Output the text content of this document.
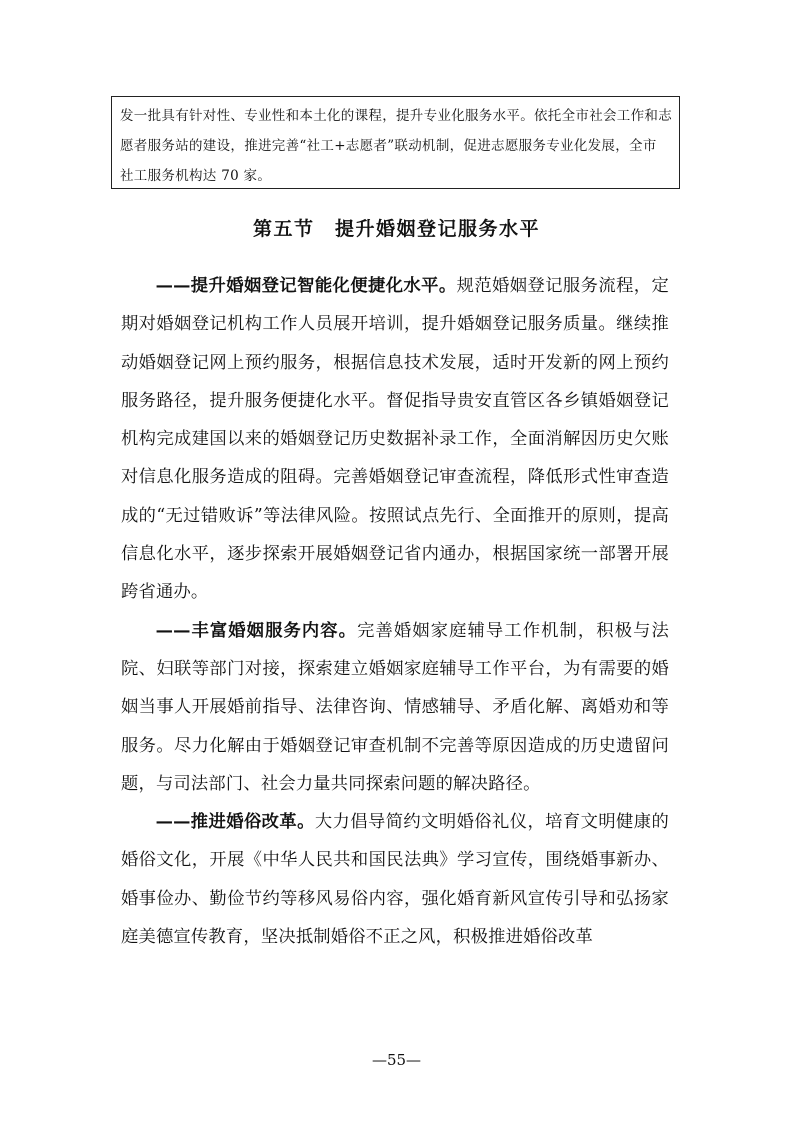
发一批具有针对性、专业性和本土化的课程，提升专业化服务水平。依托全市社会工作和志

愿者服务站的建设，推进完善“社工+志愿者”联动机制，促进志愿服务专业化发展，全市

社工服务机构达 70 家。

第五节　提升婚姻登记服务水平

——提升婚姻登记智能化便捷化水平。规范婚姻登记服务流程，定期对婚姻登记机构工作人员展开培训，提升婚姻登记服务质量。继续推动婚姻登记网上预约服务，根据信息技术发展，适时开发新的网上预约服务路径，提升服务便捷化水平。督促指导贵安直管区各乡镇婚姻登记机构完成建国以来的婚姻登记历史数据补录工作，全面消解因历史欠账对信息化服务造成的阻碍。完善婚姻登记审查流程，降低形式性审查造成的“无过错败诉”等法律风险。按照试点先行、全面推开的原则，提高信息化水平，逐步探索开展婚姻登记省内通办，根据国家统一部署开展跨省通办。

——丰富婚姻服务内容。完善婚姻家庭辅导工作机制，积极与法院、妇联等部门对接，探索建立婚姻家庭辅导工作平台，为有需要的婚姻当事人开展婚前指导、法律咨询、情感辅导、矛盾化解、离婚劝和等服务。尽力化解由于婚姻登记审查机制不完善等原因造成的历史遗留问题，与司法部门、社会力量共同探索问题的解决路径。

——推进婚俗改革。大力倡导简约文明婚俗礼仪，培育文明健康的婚俗文化，开展《中华人民共和国民法典》学习宣传，围绕婚事新办、婚事俭办、勤俭节约等移风易俗内容，强化婚育新风宣传引导和弘扬家庭美德宣传教育，坚决抵制婚俗不正之风，积极推进婚俗改革

—55—
